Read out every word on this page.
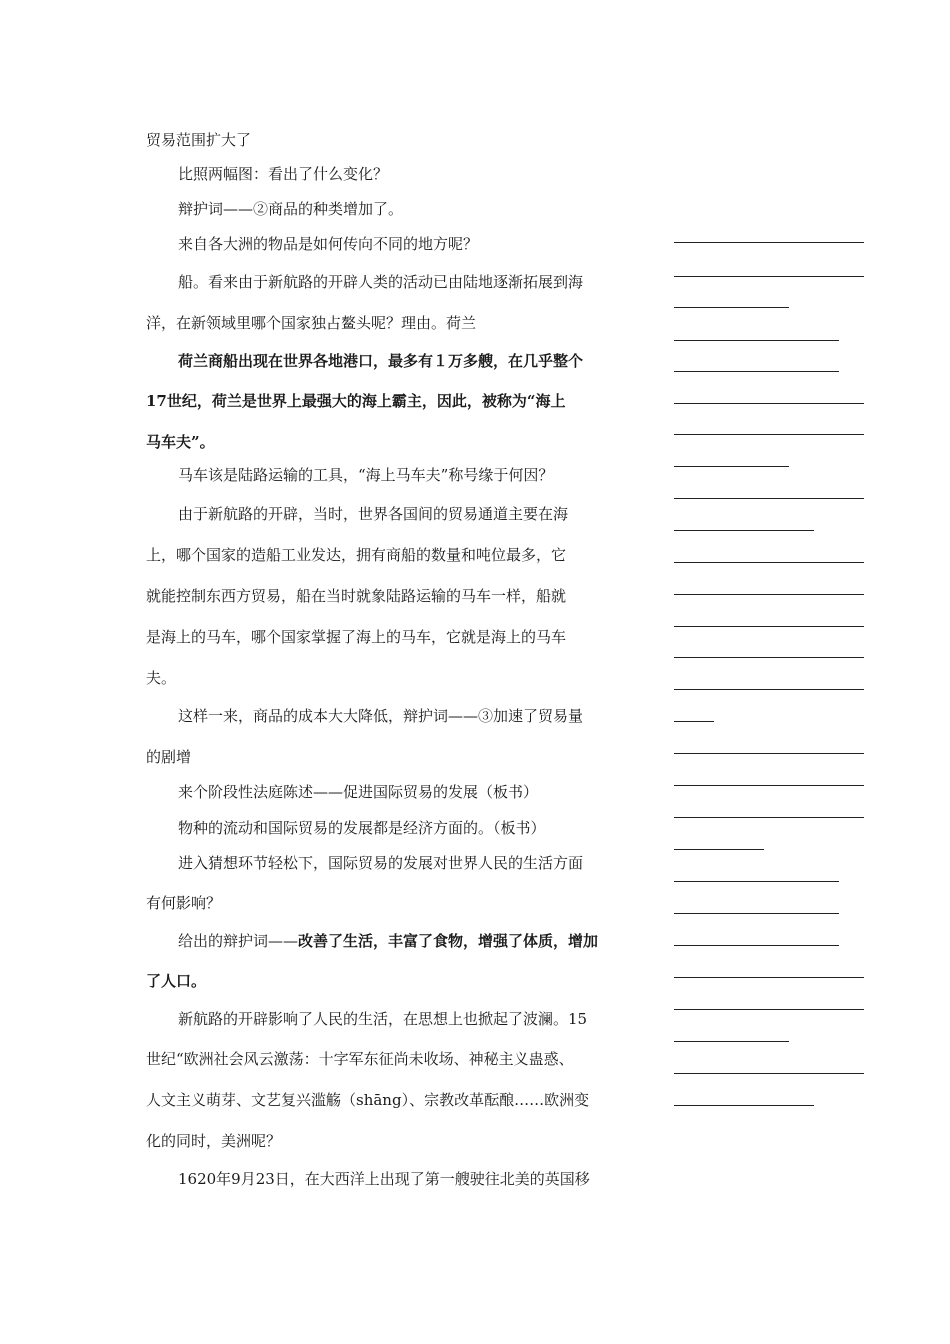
贸易范围扩大了
比照两幅图：看出了什么变化？
辩护词——②商品的种类增加了。
来自各大洲的物品是如何传向不同的地方呢？
船。看来由于新航路的开辟人类的活动已由陆地逐渐拓展到海
洋，在新领域里哪个国家独占鳌头呢？理由。荷兰
荷兰商船出现在世界各地港口，最多有１万多艘，在几乎整个
17世纪，荷兰是世界上最强大的海上霸主，因此，被称为“海上
马车夫”。
马车该是陆路运输的工具，“海上马车夫”称号缘于何因？
由于新航路的开辟，当时，世界各国间的贸易通道主要在海
上，哪个国家的造船工业发达，拥有商船的数量和吨位最多，它
就能控制东西方贸易，船在当时就象陆路运输的马车一样，船就
是海上的马车，哪个国家掌握了海上的马车，它就是海上的马车
夫。
这样一来，商品的成本大大降低，辩护词——③加速了贸易量
的剧增
来个阶段性法庭陈述——促进国际贸易的发展（板书）
物种的流动和国际贸易的发展都是经济方面的。（板书）
进入猜想环节轻松下，国际贸易的发展对世界人民的生活方面
有何影响？
给出的辩护词——改善了生活，丰富了食物，增强了体质，增加
了人口。
新航路的开辟影响了人民的生活，在思想上也掀起了波澜。15
世纪“欧洲社会风云激荡：十字军东征尚未收场、神秘主义蛊惑、
人文主义萌芽、文艺复兴滥觞（shāng）、宗教改革酝酿……欧洲变
化的同时，美洲呢？
1620年9月23日，在大西洋上出现了第一艘驶往北美的英国移
